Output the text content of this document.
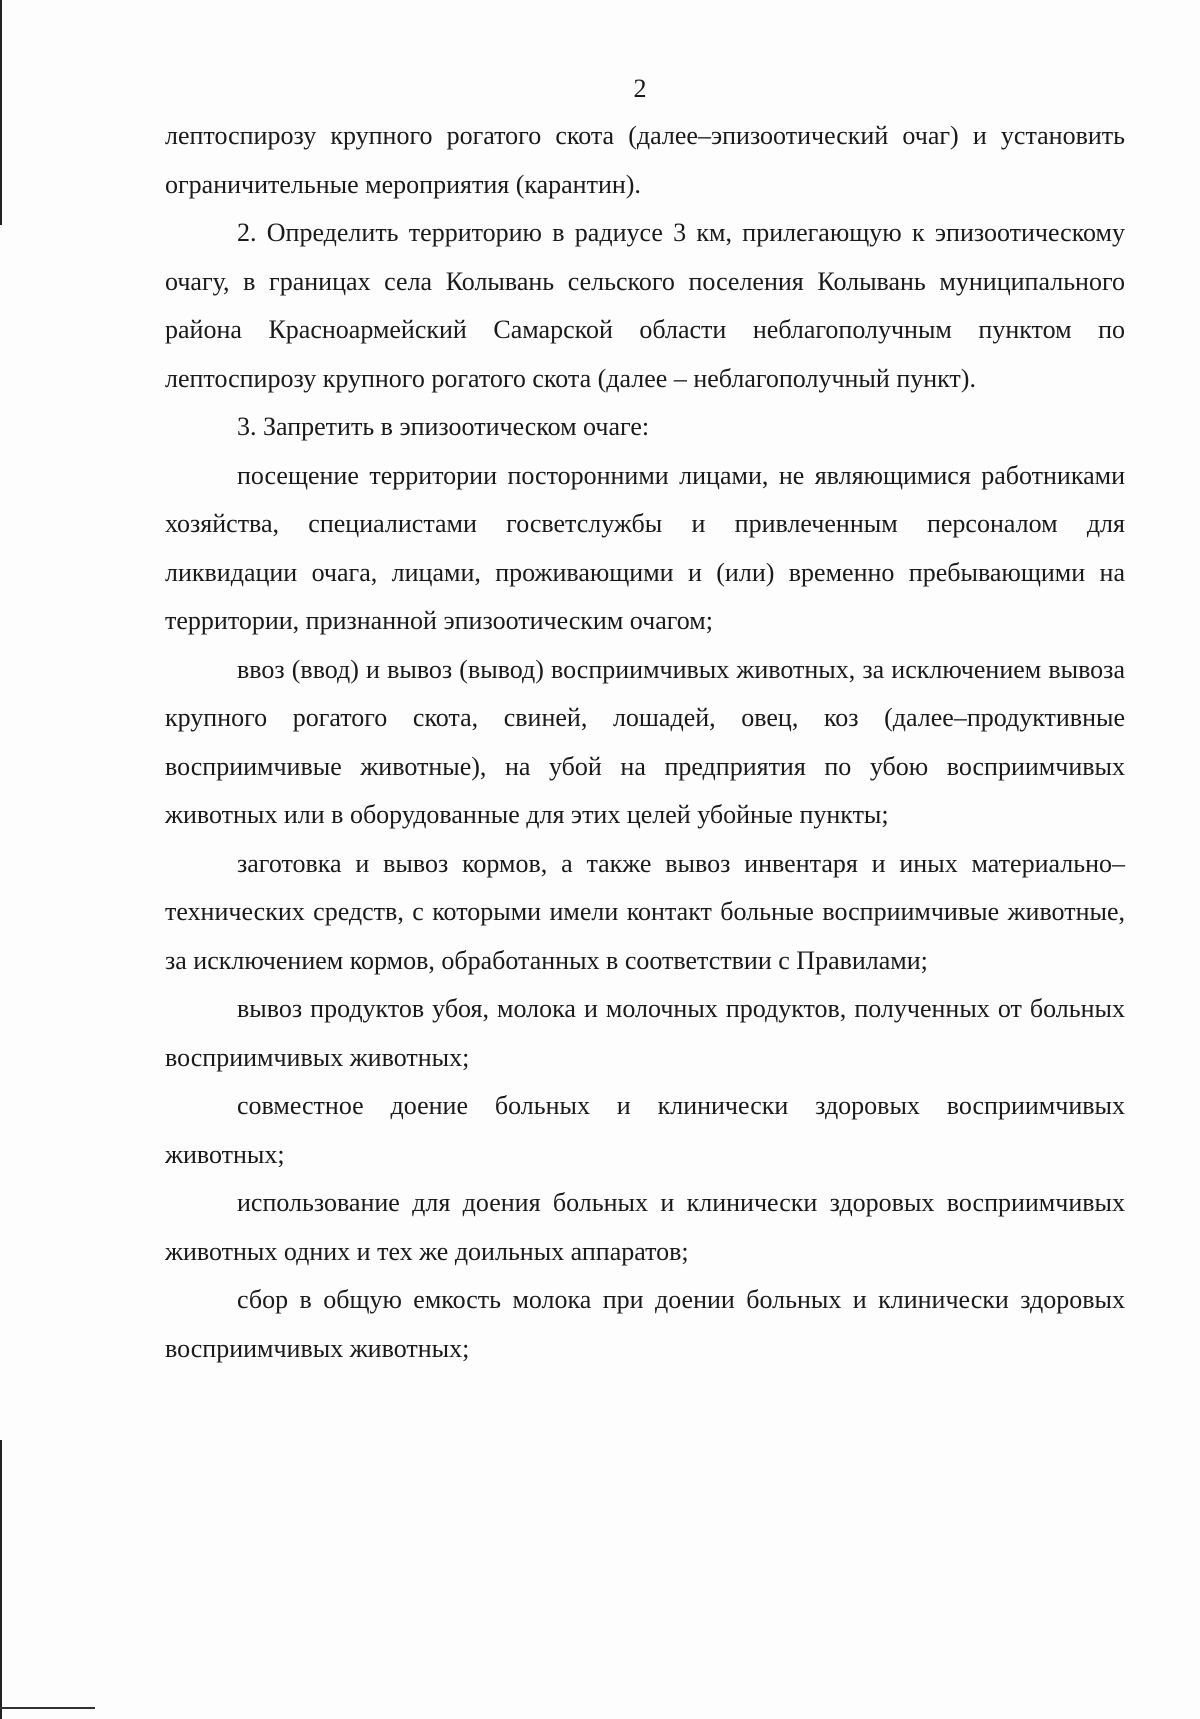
2

лептоспирозу крупного рогатого скота (далее–эпизоотический очаг) и установить ограничительные мероприятия (карантин).

2. Определить территорию в радиусе 3 км, прилегающую к эпизоотическому очагу, в границах села Колывань сельского поселения Колывань муниципального района Красноармейский Самарской области неблагополучным пунктом по лептоспирозу крупного рогатого скота (далее – неблагополучный пункт).

3. Запретить в эпизоотическом очаге:

посещение территории посторонними лицами, не являющимися работниками хозяйства, специалистами госветслужбы и привлеченным персоналом для ликвидации очага, лицами, проживающими и (или) временно пребывающими на территории, признанной эпизоотическим очагом;

ввоз (ввод) и вывоз (вывод) восприимчивых животных, за исключением вывоза крупного рогатого скота, свиней, лошадей, овец, коз (далее–продуктивные восприимчивые животные), на убой на предприятия по убою восприимчивых животных или в оборудованные для этих целей убойные пункты;

заготовка и вывоз кормов, а также вывоз инвентаря и иных материально–технических средств, с которыми имели контакт больные восприимчивые животные, за исключением кормов, обработанных в соответствии с Правилами;

вывоз продуктов убоя, молока и молочных продуктов, полученных от больных восприимчивых животных;

совместное доение больных и клинически здоровых восприимчивых животных;

использование для доения больных и клинически здоровых восприимчивых животных одних и тех же доильных аппаратов;

сбор в общую емкость молока при доении больных и клинически здоровых восприимчивых животных;
